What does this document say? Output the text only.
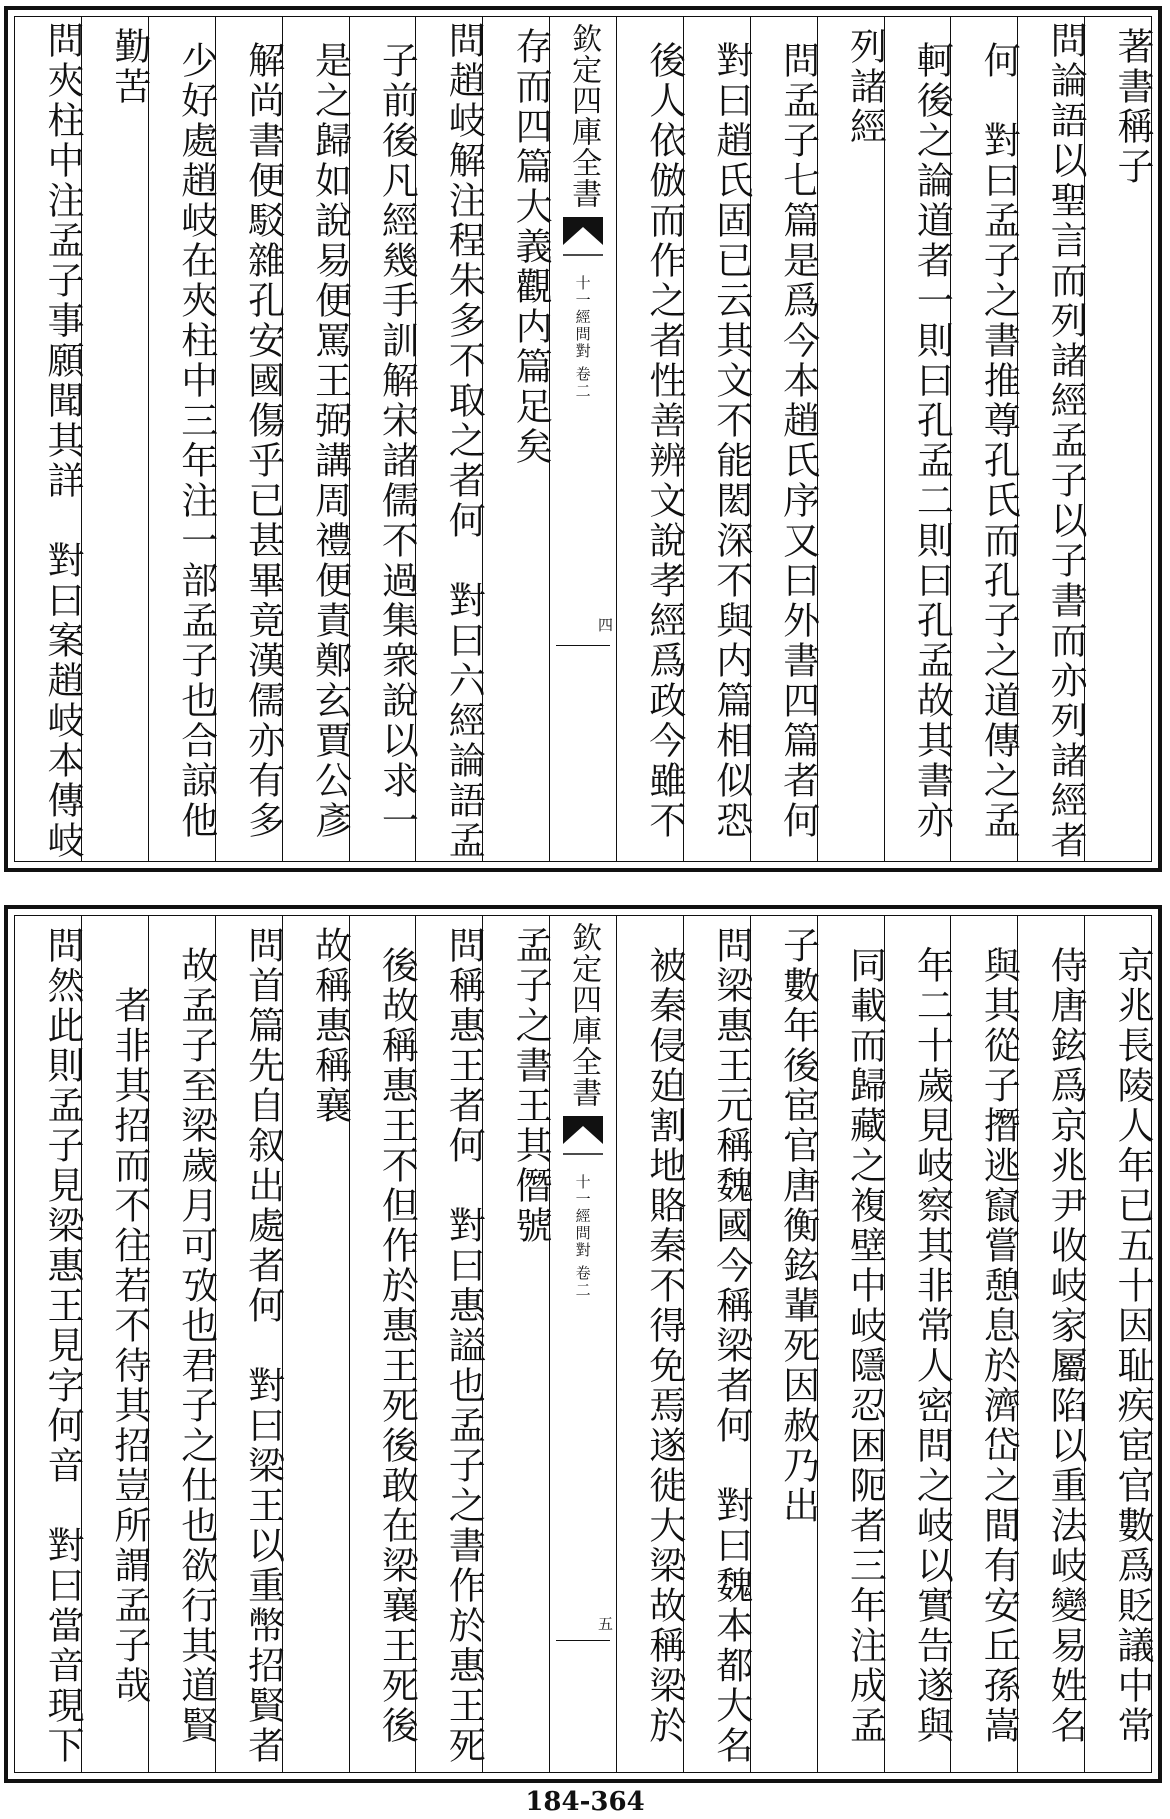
著書稱子
問論語以聖言而列諸經孟子以子書而亦列諸經者
何　對曰孟子之書推尊孔氏而孔子之道傳之孟
軻後之論道者一則曰孔孟二則曰孔孟故其書亦
列諸經
問孟子七篇是爲今本趙氏序又曰外書四篇者何
對曰趙氏固已云其文不能閎深不與内篇相似恐
後人依倣而作之者性善辨文說孝經爲政今雖不
欽定四庫全書
十一經問對
卷二
四
存而四篇大義觀内篇足矣
問趙岐解注程朱多不取之者何　對曰六經論語孟
子前後凡經幾手訓解宋諸儒不過集衆說以求一
是之歸如說易便罵王弼講周禮便責鄭玄賈公彥
解尚書便駁雜孔安國傷乎已甚畢竟漢儒亦有多
少好處趙岐在夾柱中三年注一部孟子也合諒他
勤苦
問夾柱中注孟子事願聞其詳　對曰案趙岐本傳岐
京兆長陵人年已五十因耻疾宦官數爲貶議中常
侍唐鉉爲京兆尹收岐家屬陷以重法岐變易姓名
與其從子撍逃竄嘗憩息於濟岱之間有安丘孫嵩
年二十歲見岐察其非常人密問之岐以實告遂與
同載而歸藏之複壁中岐隱忍困阨者三年注成孟
子數年後宦官唐衡鉉輩死因赦乃出
問梁惠王元稱魏國今稱梁者何　對曰魏本都大名
被秦侵廹割地賂秦不得免焉遂徙大梁故稱梁於
欽定四庫全書
十一經問對
卷二
五
孟子之書王其僭號
問稱惠王者何　對曰惠謚也孟子之書作於惠王死
後故稱惠王不但作於惠王死後敢在梁襄王死後
故稱惠稱襄
問首篇先自叙出處者何　對曰梁王以重幣招賢者
故孟子至梁歲月可攷也君子之仕也欲行其道賢
者非其招而不往若不待其招豈所謂孟子哉
問然此則孟子見梁惠王見字何音　對曰當音現下
184-364
